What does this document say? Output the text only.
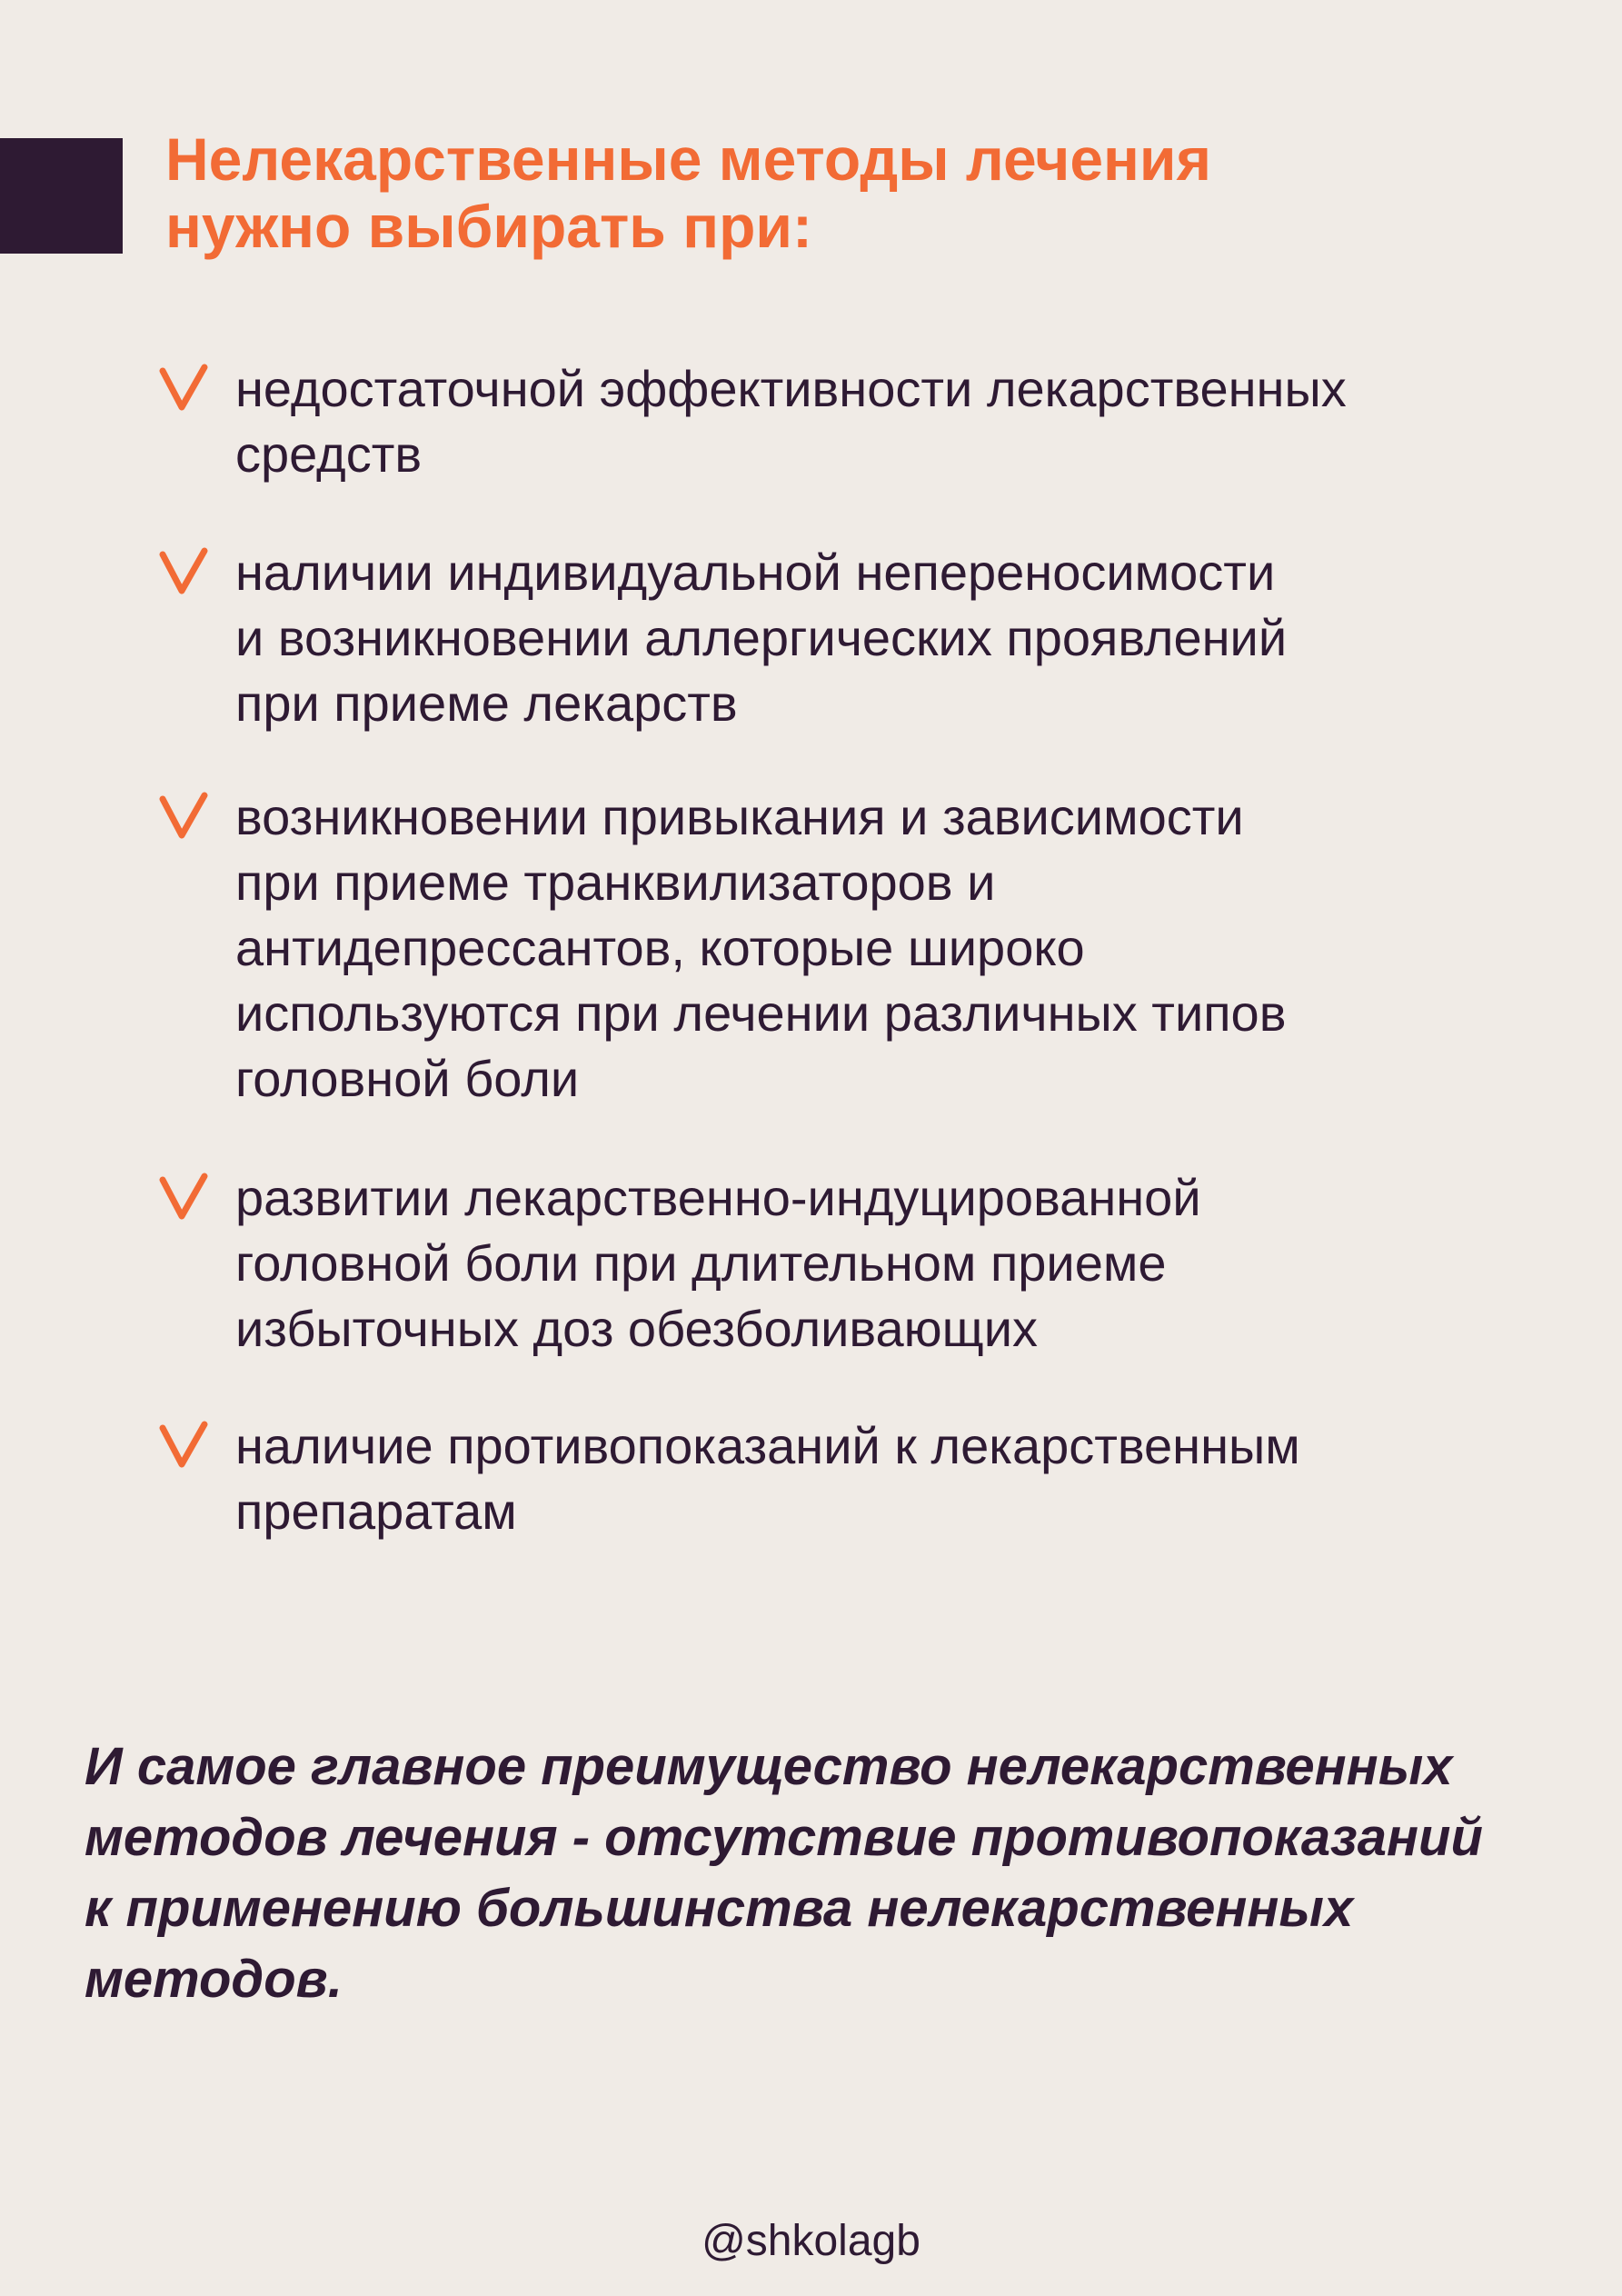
Нелекарственные методы лечения
нужно выбирать при:
недостаточной эффективности лекарственных
средств
наличии индивидуальной непереносимости
и возникновении аллергических проявлений
при приеме лекарств
возникновении привыкания и зависимости
при приеме транквилизаторов и
антидепрессантов, которые широко
используются при лечении различных типов
головной боли
развитии лекарственно-индуцированной
головной боли при длительном приеме
избыточных доз обезболивающих
наличие противопоказаний к лекарственным
препаратам

И самое главное преимущество нелекарственных
методов лечения - отсутствие противопоказаний
к применению большинства нелекарственных
методов.

@shkolagb
